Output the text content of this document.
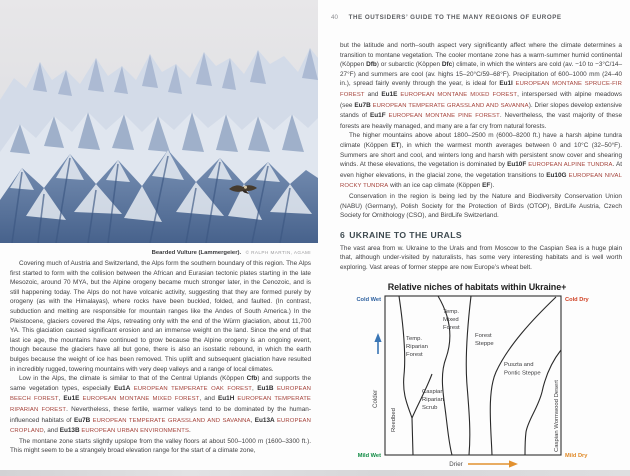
Bearded Vulture (Lammergeier). © RALPH MARTIN, AGAMI

Covering much of Austria and Switzerland, the Alps form the southern boundary of this region. The Alps first started to form with the collision between the African and Eurasian tectonic plates starting in the late Mesozoic, around 70 MYA, but the Alpine orogeny became much stronger later, in the Cenozoic, and is still happening today. The Alps do not have volcanic activity, suggesting that they are formed purely by orogeny (as with the Himalayas), where rocks have been buckled, folded, and faulted. (In contrast, subduction and melting are responsible for mountain ranges like the Andes of South America.) In the Pleistocene, glaciers covered the Alps, retreating only with the end of the Würm glaciation, about 11,700 YA. This glaciation caused significant erosion and an immense weight on the land. Since the end of that last ice age, the mountains have continued to grow because the Alpine orogeny is an ongoing event, though because the glaciers have all but gone, there is also an isostatic rebound, in which the earth bulges because the weight of ice has been removed. This uplift and subsequent glaciation have resulted in incredibly rugged, towering mountains with very deep valleys and a range of local climates.

Low in the Alps, the climate is similar to that of the Central Uplands (Köppen Cfb) and supports the same vegetation types, especially Eu1A EUROPEAN TEMPERATE OAK FOREST, Eu1B EUROPEAN BEECH FOREST, Eu1E EUROPEAN MONTANE MIXED FOREST, and Eu1H EUROPEAN TEMPERATE RIPARIAN FOREST. Nevertheless, these fertile, warmer valleys tend to be dominated by the human-influenced habitats of Eu7B EUROPEAN TEMPERATE GRASSLAND AND SAVANNA, Eu13A EUROPEAN CROPLAND, and Eu13B EUROPEAN URBAN ENVIRONMENTS.

The montane zone starts slightly upslope from the valley floors at about 500–1000 m (1600–3300 ft.). This might seem to be a strangely broad elevation range for the start of a climate zone,

40 THE OUTSIDERS’ GUIDE TO THE MANY REGIONS OF EUROPE

but the latitude and north–south aspect very significantly affect where the climate determines a transition to montane vegetation. The cooler montane zone has a warm-summer humid continental (Köppen Dfb) or subarctic (Köppen Dfc) climate, in which the winters are cold (av. −10 to −3°C/14–27°F) and summers are cool (av. highs 15–20°C/59–68°F). Precipitation of 600–1000 mm (24–40 in.), spread fairly evenly through the year, is ideal for Eu1I EUROPEAN MONTANE SPRUCE-FIR FOREST and Eu1E EUROPEAN MONTANE MIXED FOREST, interspersed with alpine meadows (see Eu7B EUROPEAN TEMPERATE GRASSLAND AND SAVANNA). Drier slopes develop extensive stands of Eu1F EUROPEAN MONTANE PINE FOREST. Nevertheless, the vast majority of these forests are heavily managed, and many are a far cry from natural forests.

The higher mountains above about 1800–2500 m (6000–8200 ft.) have a harsh alpine tundra climate (Köppen ET), in which the warmest month averages between 0 and 10°C (32–50°F). Summers are short and cool, and winters long and harsh with persistent snow cover and shearing winds. At these elevations, the vegetation is dominated by Eu10F EUROPEAN ALPINE TUNDRA. At even higher elevations, in the glacial zone, the vegetation transitions to Eu10G EUROPEAN NIVAL ROCKY TUNDRA with an ice cap climate (Köppen EF).

Conservation in the region is being led by the Nature and Biodiversity Conservation Union (NABU) (Germany), Polish Society for the Protection of Birds (OTOP), BirdLife Austria, Czech Society for Ornithology (CSO), and BirdLife Switzerland.

6 UKRAINE TO THE URALS

The vast area from w. Ukraine to the Urals and from Moscow to the Caspian Sea is a huge plain that, although under-visited by naturalists, has some very interesting habitats and is well worth exploring. Vast areas of former steppe are now Europe’s wheat belt.

Relative niches of habitats within Ukraine+
Cold Wet	Cold Dry
Mild Wet	Mild Dry
Temp. Riparian Forest
Temp. Mixed Forest
Forest Steppe
Puszta and Pontic Steppe
Caspian Riparian Scrub
Reedbed	Caspian Wormwood Desert
Colder
Drier
